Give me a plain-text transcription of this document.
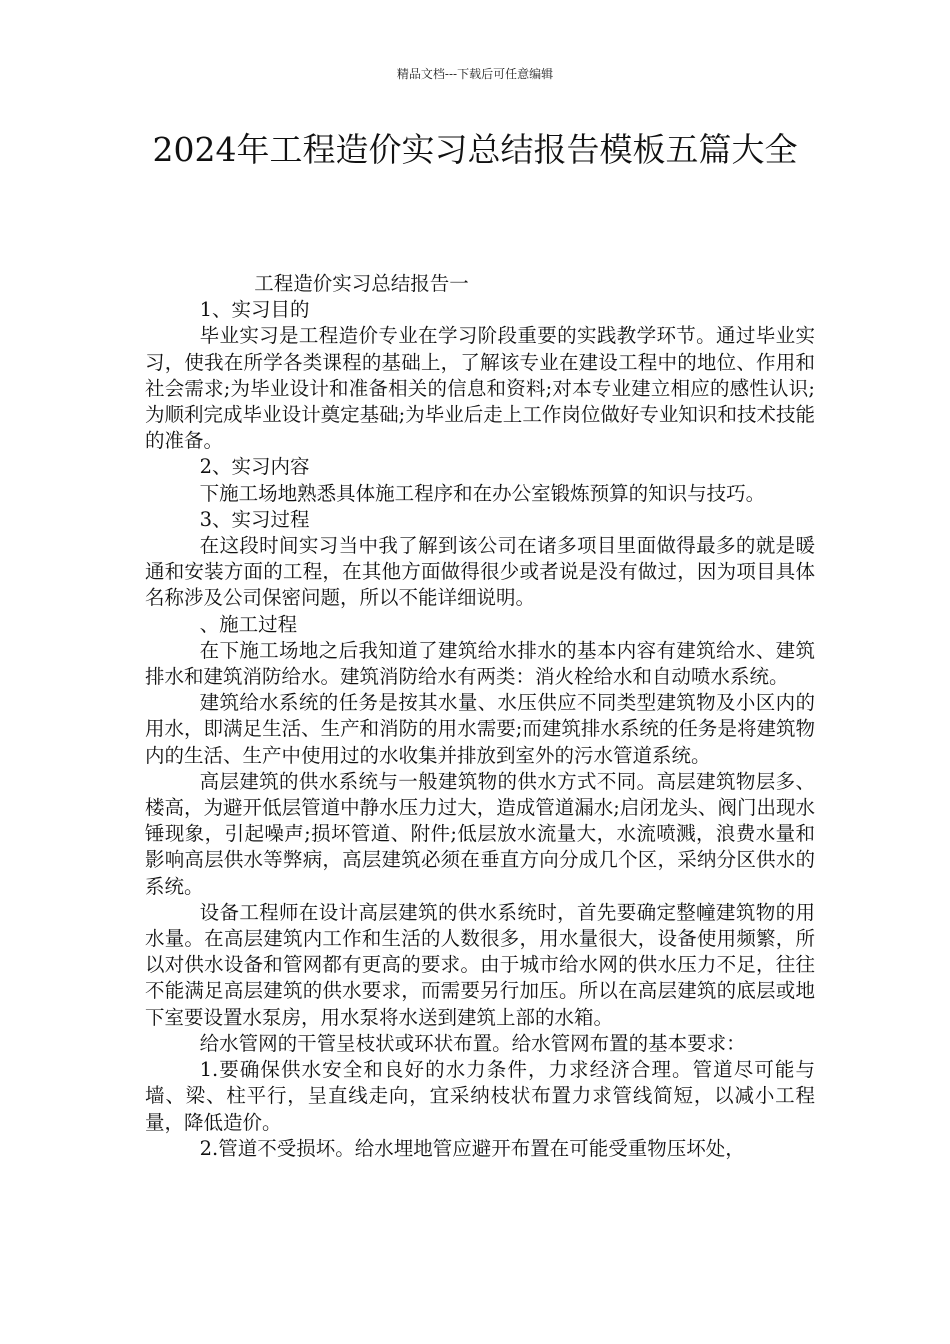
精品文档---下载后可任意编辑
2024年工程造价实习总结报告模板五篇大全

工程造价实习总结报告一

1、实习目的

毕业实习是工程造价专业在学习阶段重要的实践教学环节。通过毕业实习，使我在所学各类课程的基础上，了解该专业在建设工程中的地位、作用和社会需求;为毕业设计和准备相关的信息和资料;对本专业建立相应的感性认识;为顺利完成毕业设计奠定基础;为毕业后走上工作岗位做好专业知识和技术技能的准备。

2、实习内容

下施工场地熟悉具体施工程序和在办公室锻炼预算的知识与技巧。

3、实习过程

在这段时间实习当中我了解到该公司在诸多项目里面做得最多的就是暖通和安装方面的工程，在其他方面做得很少或者说是没有做过，因为项目具体名称涉及公司保密问题，所以不能详细说明。

、施工过程

在下施工场地之后我知道了建筑给水排水的基本内容有建筑给水、建筑排水和建筑消防给水。建筑消防给水有两类：消火栓给水和自动喷水系统。

建筑给水系统的任务是按其水量、水压供应不同类型建筑物及小区内的用水，即满足生活、生产和消防的用水需要;而建筑排水系统的任务是将建筑物内的生活、生产中使用过的水收集并排放到室外的污水管道系统。

高层建筑的供水系统与一般建筑物的供水方式不同。高层建筑物层多、楼高，为避开低层管道中静水压力过大，造成管道漏水;启闭龙头、阀门出现水锤现象，引起噪声;损坏管道、附件;低层放水流量大，水流喷溅，浪费水量和影响高层供水等弊病，高层建筑必须在垂直方向分成几个区，采纳分区供水的系统。

设备工程师在设计高层建筑的供水系统时，首先要确定整幢建筑物的用水量。在高层建筑内工作和生活的人数很多，用水量很大，设备使用频繁，所以对供水设备和管网都有更高的要求。由于城市给水网的供水压力不足，往往不能满足高层建筑的供水要求，而需要另行加压。所以在高层建筑的底层或地下室要设置水泵房，用水泵将水送到建筑上部的水箱。

给水管网的干管呈枝状或环状布置。给水管网布置的基本要求：

1.要确保供水安全和良好的水力条件，力求经济合理。管道尽可能与墙、梁、柱平行，呈直线走向，宜采纳枝状布置力求管线简短，以减小工程量，降低造价。

2.管道不受损坏。给水埋地管应避开布置在可能受重物压坏处，
